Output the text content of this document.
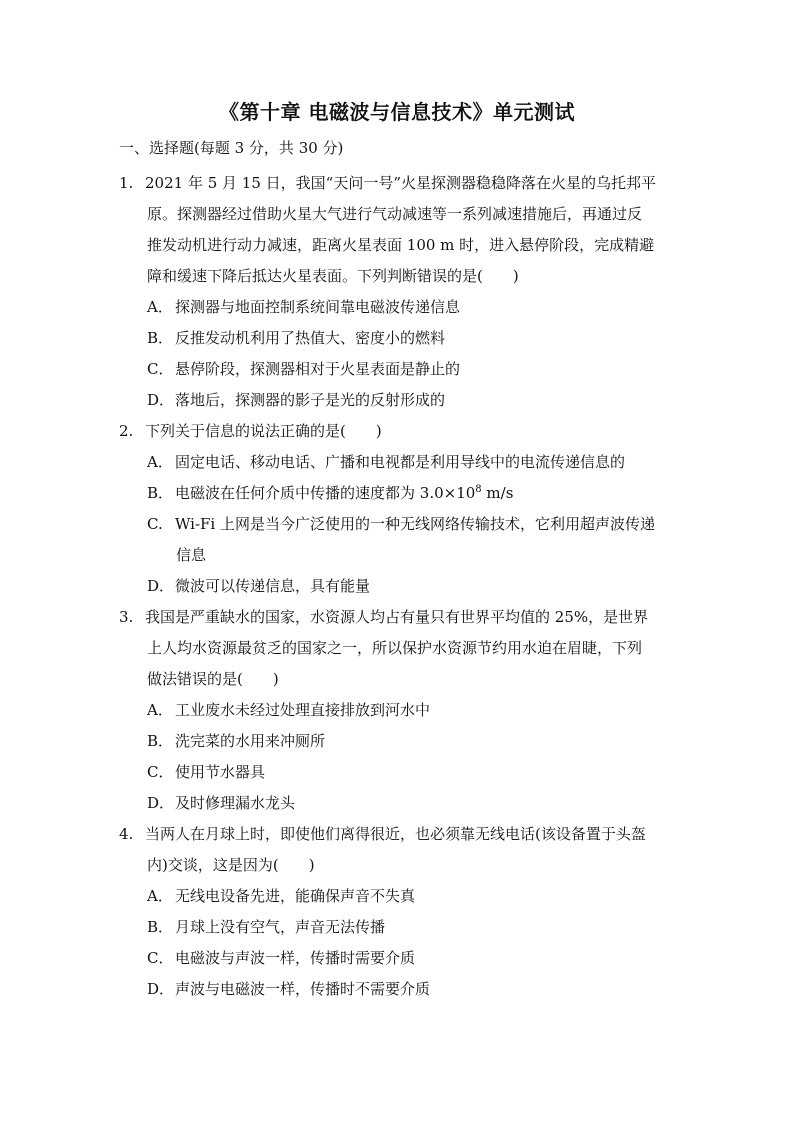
《第十章 电磁波与信息技术》单元测试
一、选择题(每题 3 分，共 30 分)
1. 2021 年 5 月 15 日，我国“天问一号”火星探测器稳稳降落在火星的乌托邦平
原。探测器经过借助火星大气进行气动减速等一系列减速措施后，再通过反
推发动机进行动力减速，距离火星表面 100 m 时，进入悬停阶段，完成精避
障和缓速下降后抵达火星表面。下列判断错误的是(　　)
A． 探测器与地面控制系统间靠电磁波传递信息
B． 反推发动机利用了热值大、密度小的燃料
C． 悬停阶段，探测器相对于火星表面是静止的
D．落地后，探测器的影子是光的反射形成的
2. 下列关于信息的说法正确的是(　　)
A． 固定电话、移动电话、广播和电视都是利用导线中的电流传递信息的
B． 电磁波在任何介质中传播的速度都为 $3.0\times 10^8$ m/s
C. Wi-Fi 上网是当今广泛使用的一种无线网络传输技术，它利用超声波传递
信息
D．微波可以传递信息，具有能量
3. 我国是严重缺水的国家，水资源人均占有量只有世界平均值的 25%，是世界
上人均水资源最贫乏的国家之一，所以保护水资源节约用水迫在眉睫，下列
做法错误的是(　　)
A． 工业废水未经过处理直接排放到河水中
B． 洗完菜的水用来冲厕所
C． 使用节水器具
D．及时修理漏水龙头
4. 当两人在月球上时，即使他们离得很近，也必须靠无线电话(该设备置于头盔
内)交谈，这是因为(　　)
A． 无线电设备先进，能确保声音不失真
B． 月球上没有空气，声音无法传播
C． 电磁波与声波一样，传播时需要介质
D．声波与电磁波一样，传播时不需要介质
